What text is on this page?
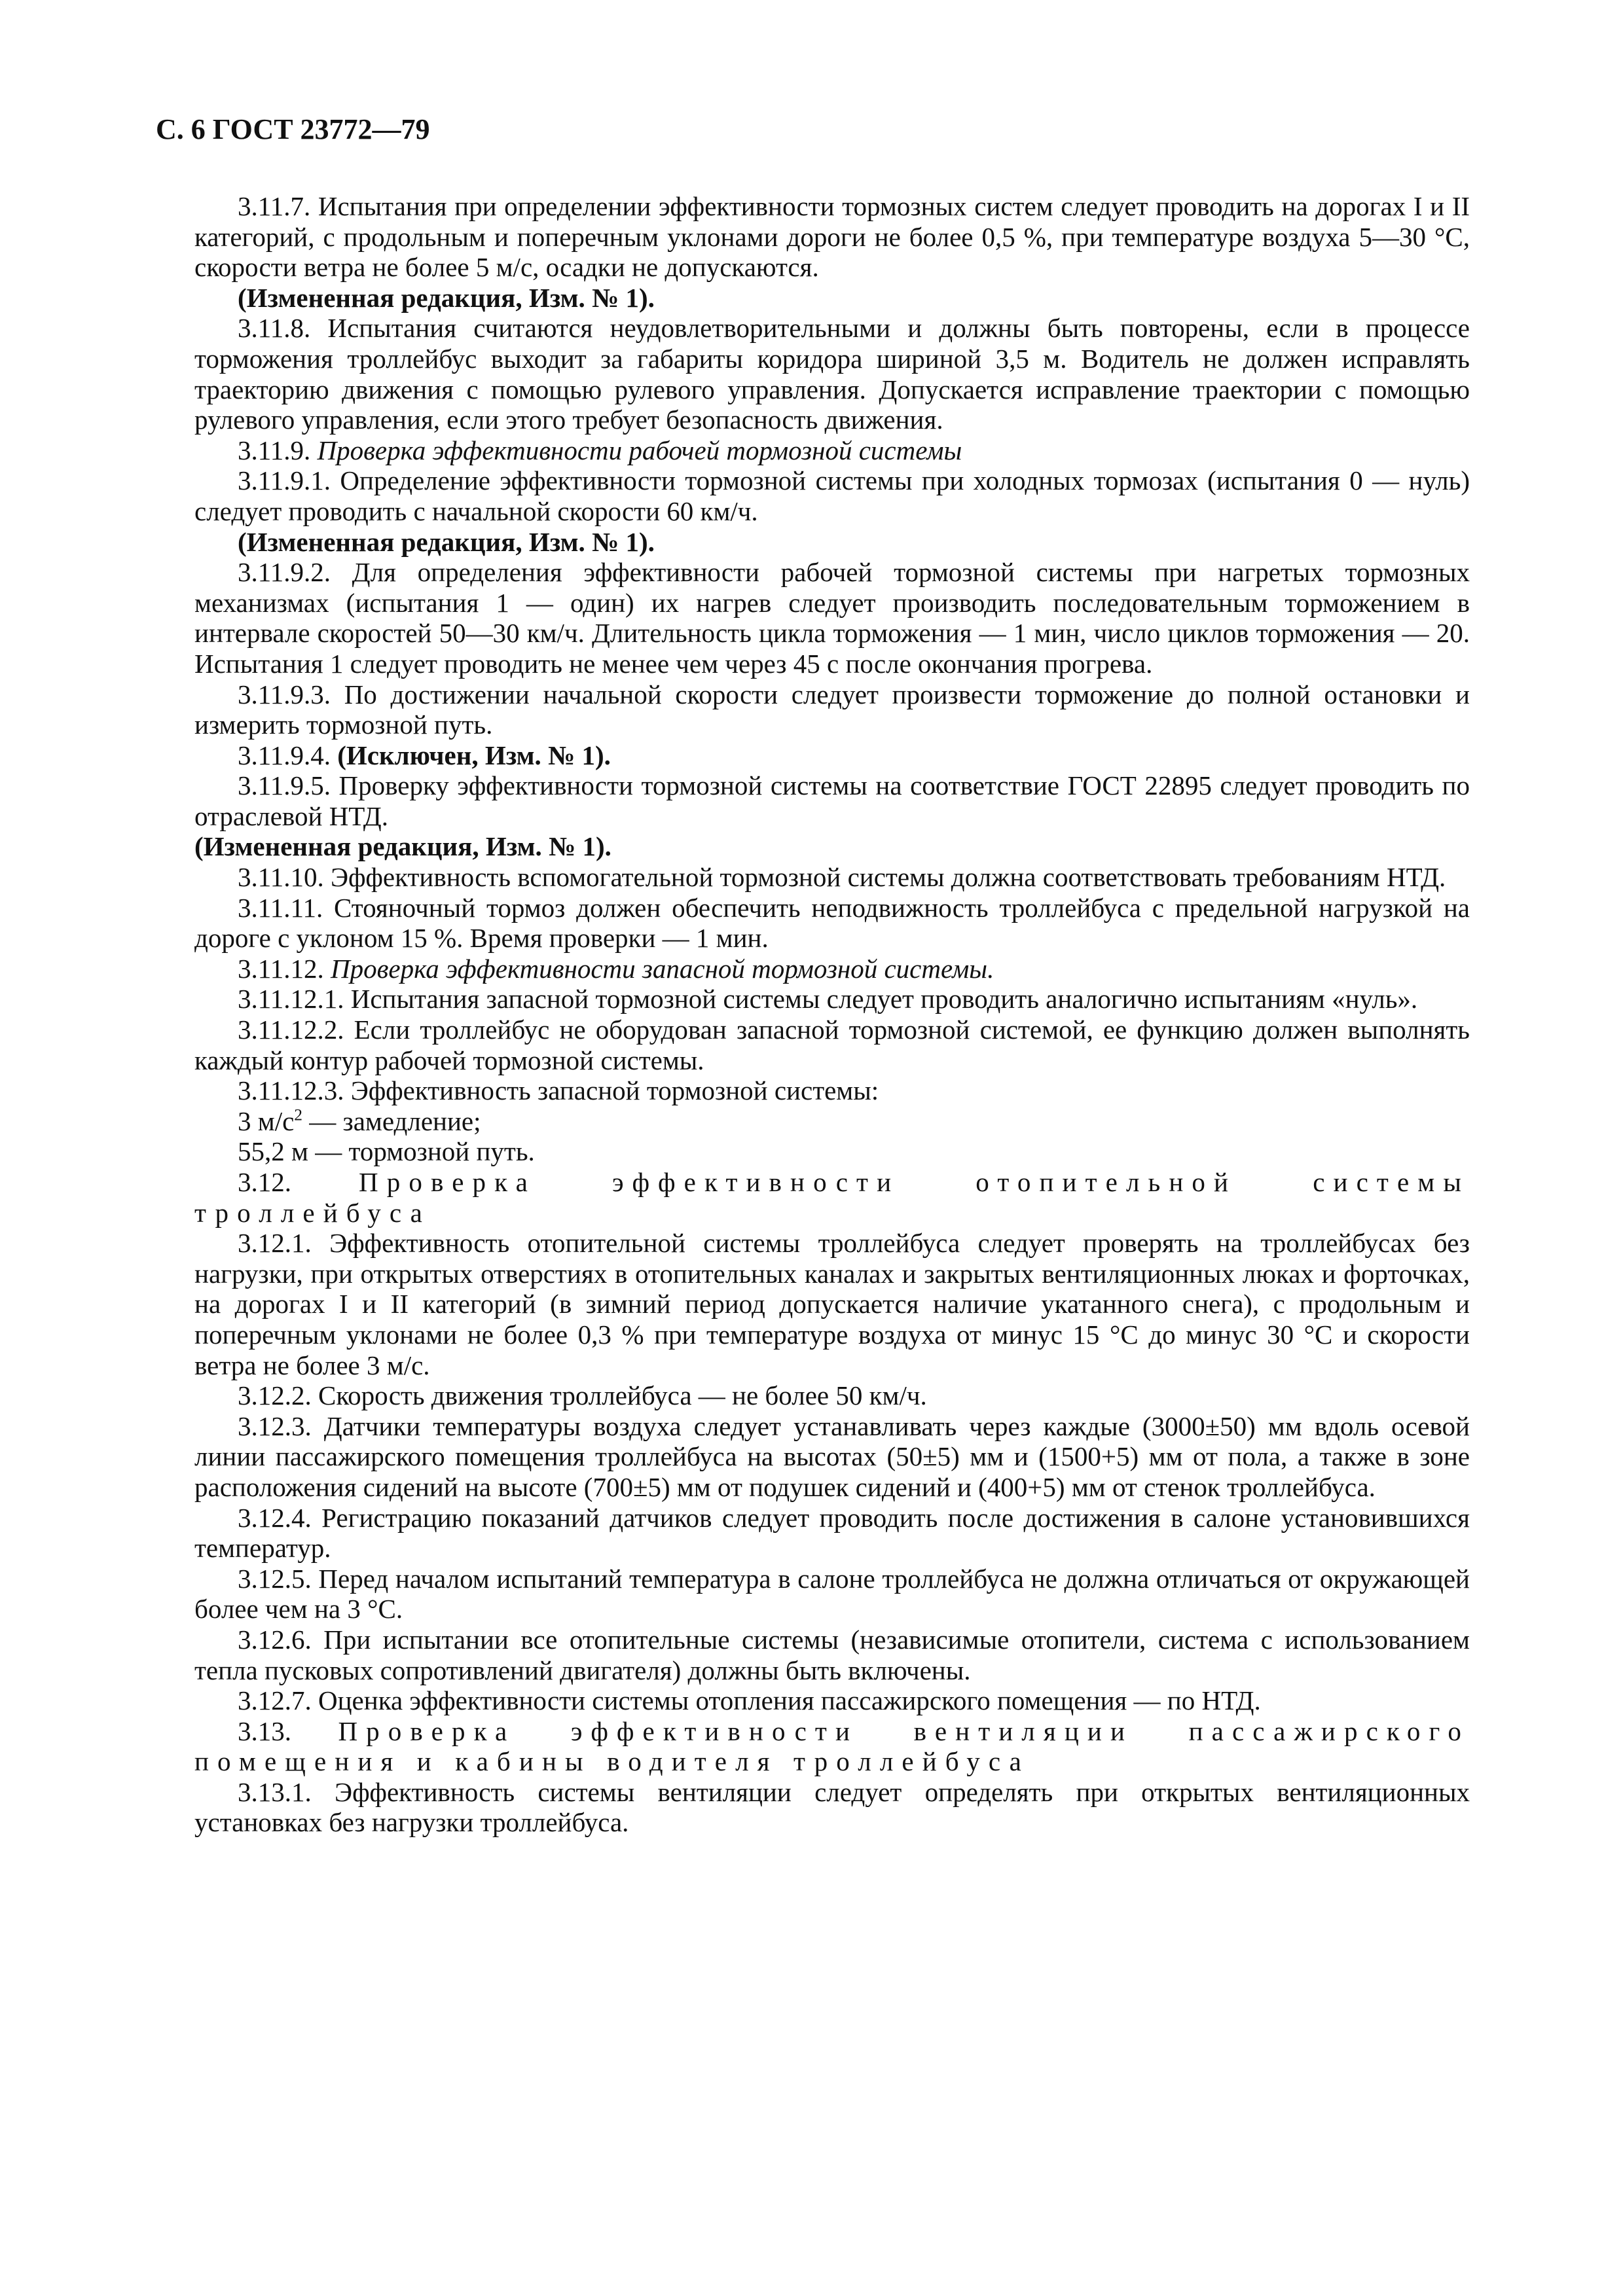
С. 6 ГОСТ 23772—79

3.11.7. Испытания при определении эффективности тормозных систем следует проводить на дорогах I и II категорий, с продольным и поперечным уклонами дороги не более 0,5 %, при температуре воздуха 5—30 °С, скорости ветра не более 5 м/с, осадки не допускаются.

(Измененная редакция, Изм. № 1).

3.11.8. Испытания считаются неудовлетворительными и должны быть повторены, если в процессе торможения троллейбус выходит за габариты коридора шириной 3,5 м. Водитель не должен исправлять траекторию движения с помощью рулевого управления. Допускается исправление траектории с помощью рулевого управления, если этого требует безопасность движения.

3.11.9. Проверка эффективности рабочей тормозной системы

3.11.9.1. Определение эффективности тормозной системы при холодных тормозах (испытания 0 — нуль) следует проводить с начальной скорости 60 км/ч.

(Измененная редакция, Изм. № 1).

3.11.9.2. Для определения эффективности рабочей тормозной системы при нагретых тормозных механизмах (испытания 1 — один) их нагрев следует производить последовательным торможением в интервале скоростей 50—30 км/ч. Длительность цикла торможения — 1 мин, число циклов торможения — 20. Испытания 1 следует проводить не менее чем через 45 с после окончания прогрева.

3.11.9.3. По достижении начальной скорости следует произвести торможение до полной остановки и измерить тормозной путь.

3.11.9.4. (Исключен, Изм. № 1).

3.11.9.5. Проверку эффективности тормозной системы на соответствие ГОСТ 22895 следует проводить по отраслевой НТД.

(Измененная редакция, Изм. № 1).

3.11.10. Эффективность вспомогательной тормозной системы должна соответствовать требованиям НТД.

3.11.11. Стояночный тормоз должен обеспечить неподвижность троллейбуса с предельной нагрузкой на дороге с уклоном 15 %. Время проверки — 1 мин.

3.11.12. Проверка эффективности запасной тормозной системы.

3.11.12.1. Испытания запасной тормозной системы следует проводить аналогично испытаниям «нуль».

3.11.12.2. Если троллейбус не оборудован запасной тормозной системой, ее функцию должен выполнять каждый контур рабочей тормозной системы.

3.11.12.3. Эффективность запасной тормозной системы:

3 $м/с^2$ — замедление;

55,2 м — тормозной путь.

3.12.	Проверка эффективности отопительной системы троллейбуса

3.12.1. Эффективность отопительной системы троллейбуса следует проверять на троллейбусах без нагрузки, при открытых отверстиях в отопительных каналах и закрытых вентиляционных люках и форточках, на дорогах I и II категорий (в зимний период допускается наличие укатанного снега), с продольным и поперечным уклонами не более 0,3 % при температуре воздуха от минус 15 °С до минус 30 °С и скорости ветра не более 3 м/с.

3.12.2. Скорость движения троллейбуса — не более 50 км/ч.

3.12.3. Датчики температуры воздуха следует устанавливать через каждые (3000±50) мм вдоль осевой линии пассажирского помещения троллейбуса на высотах (50±5) мм и (1500+5) мм от пола, а также в зоне расположения сидений на высоте (700±5) мм от подушек сидений и (400+5) мм от стенок троллейбуса.

3.12.4. Регистрацию показаний датчиков следует проводить после достижения в салоне установившихся температур.

3.12.5. Перед началом испытаний температура в салоне троллейбуса не должна отличаться от окружающей более чем на 3 °С.

3.12.6. При испытании все отопительные системы (независимые отопители, система с использованием тепла пусковых сопротивлений двигателя) должны быть включены.

3.12.7. Оценка эффективности системы отопления пассажирского помещения — по НТД.

3.13. Проверка эффективности вентиляции пассажирского помещения и кабины водителя троллейбуса

3.13.1. Эффективность системы вентиляции следует определять при открытых вентиляционных установках без нагрузки троллейбуса.
